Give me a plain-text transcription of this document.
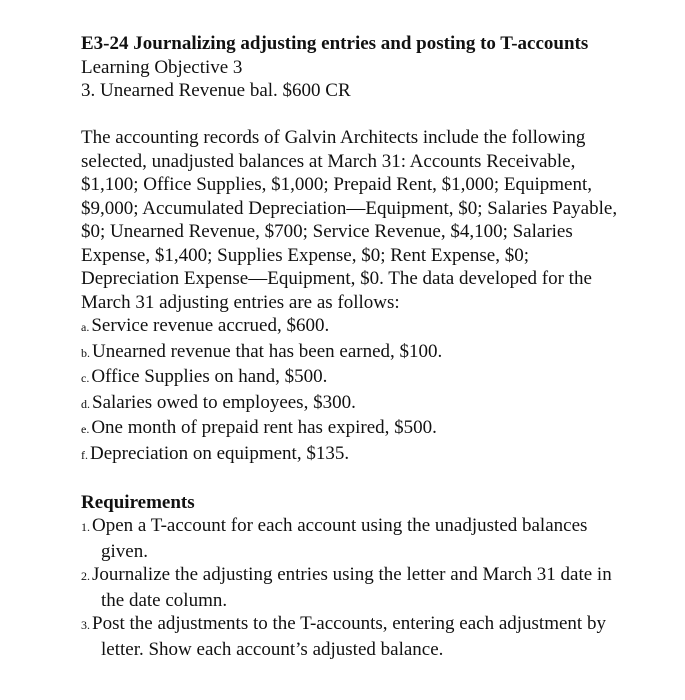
E3-24 Journalizing adjusting entries and posting to T-accounts

Learning Objective 3

3. Unearned Revenue bal. $600 CR

The accounting records of Galvin Architects include the following selected, unadjusted balances at March 31: Accounts Receivable, $1,100; Office Supplies, $1,000; Prepaid Rent, $1,000; Equipment, $9,000; Accumulated Depreciation—Equipment, $0; Salaries Payable, $0; Unearned Revenue, $700; Service Revenue, $4,100; Salaries Expense, $1,400; Supplies Expense, $0; Rent Expense, $0; Depreciation Expense—Equipment, $0. The data developed for the March 31 adjusting entries are as follows:

a. Service revenue accrued, $600.
b. Unearned revenue that has been earned, $100.
c. Office Supplies on hand, $500.
d. Salaries owed to employees, $300.
e. One month of prepaid rent has expired, $500.
f. Depreciation on equipment, $135.

Requirements

1. Open a T-account for each account using the unadjusted balances given.
2. Journalize the adjusting entries using the letter and March 31 date in the date column.
3. Post the adjustments to the T-accounts, entering each adjustment by letter. Show each account’s adjusted balance.
